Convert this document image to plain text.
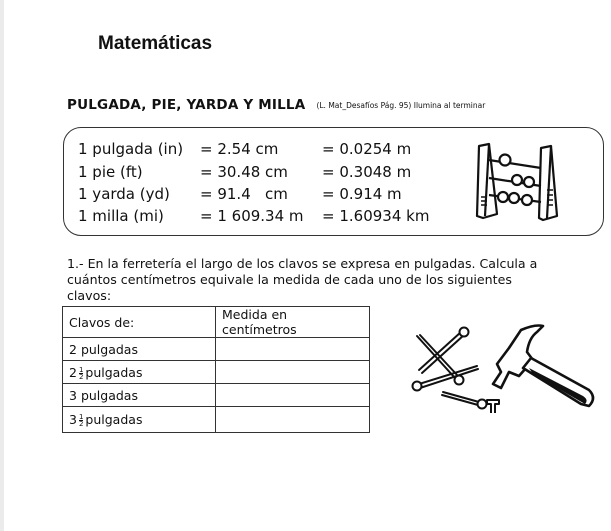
Matemáticas
PULGADA, PIE, YARDA Y MILLA (L. Mat_Desafíos Pág. 95) Ilumina al terminar
1 pulgada (in) = 2.54 cm	= 0.0254 m
1 pie (ft)	= 30.48 cm = 0.3048 m
1 yarda (yd) = 91.4   cm = 0.914 m
1 milla (mi) = 1 609.34 m = 1.60934 km
1.- En la ferretería el largo de los clavos se expresa en pulgadas. Calcula a cuántos centímetros equivale la medida de cada uno de los siguientes clavos:
Clavos de:	Medida en centímetros
2 pulgadas	
$2 \frac{1}{2}$ pulgadas	
3 pulgadas	
$3 \frac{1}{2}$ pulgadas	
